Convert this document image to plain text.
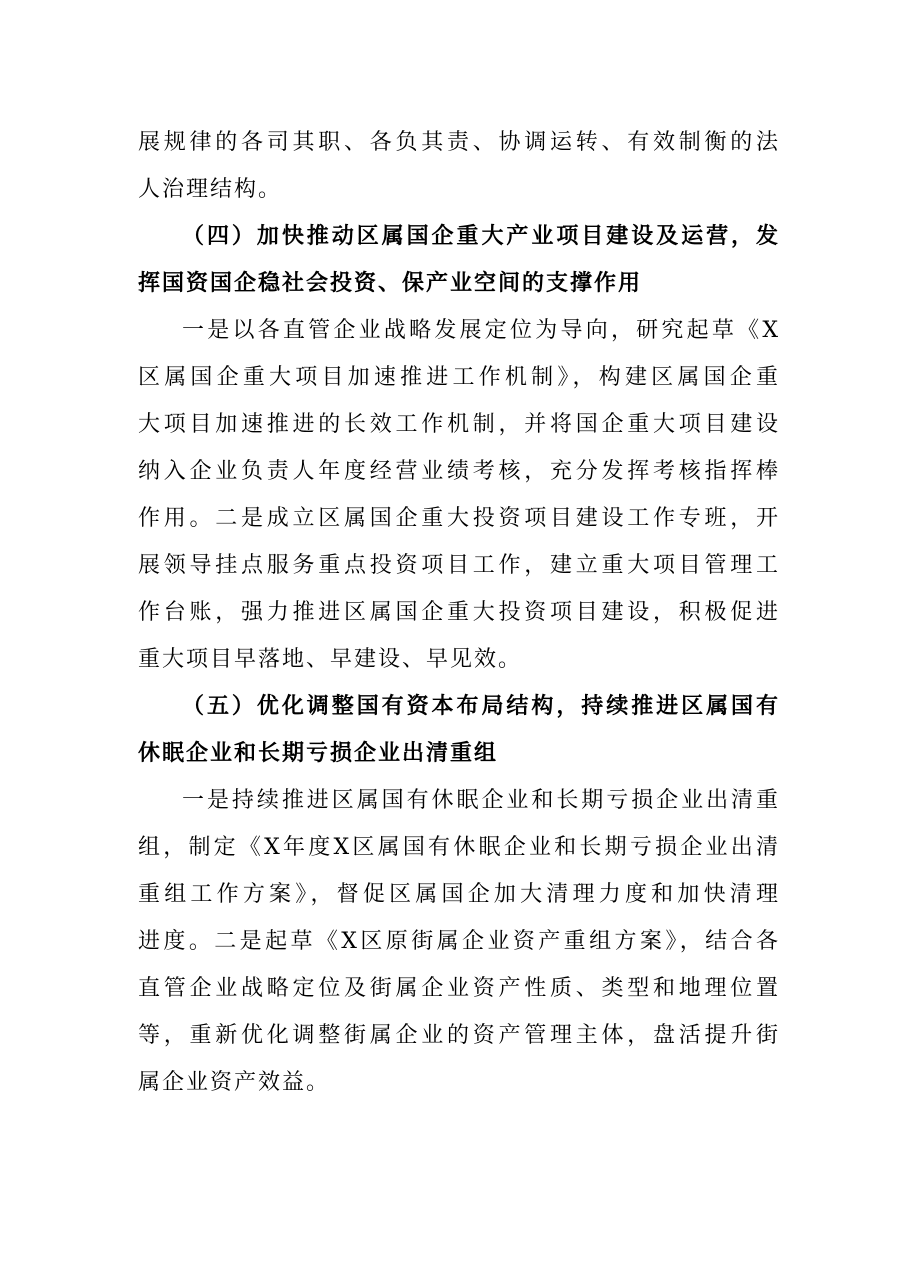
展规律的各司其职、各负其责、协调运转、有效制衡的法
人治理结构。
（四）加快推动区属国企重大产业项目建设及运营，发
挥国资国企稳社会投资、保产业空间的支撑作用
一是以各直管企业战略发展定位为导向，研究起草《X
区属国企重大项目加速推进工作机制》，构建区属国企重
大项目加速推进的长效工作机制，并将国企重大项目建设
纳入企业负责人年度经营业绩考核，充分发挥考核指挥棒
作用。二是成立区属国企重大投资项目建设工作专班，开
展领导挂点服务重点投资项目工作，建立重大项目管理工
作台账，强力推进区属国企重大投资项目建设，积极促进
重大项目早落地、早建设、早见效。
（五）优化调整国有资本布局结构，持续推进区属国有
休眠企业和长期亏损企业出清重组
一是持续推进区属国有休眠企业和长期亏损企业出清重
组，制定《X年度X区属国有休眠企业和长期亏损企业出清
重组工作方案》，督促区属国企加大清理力度和加快清理
进度。二是起草《X区原街属企业资产重组方案》，结合各
直管企业战略定位及街属企业资产性质、类型和地理位置
等，重新优化调整街属企业的资产管理主体，盘活提升街
属企业资产效益。
